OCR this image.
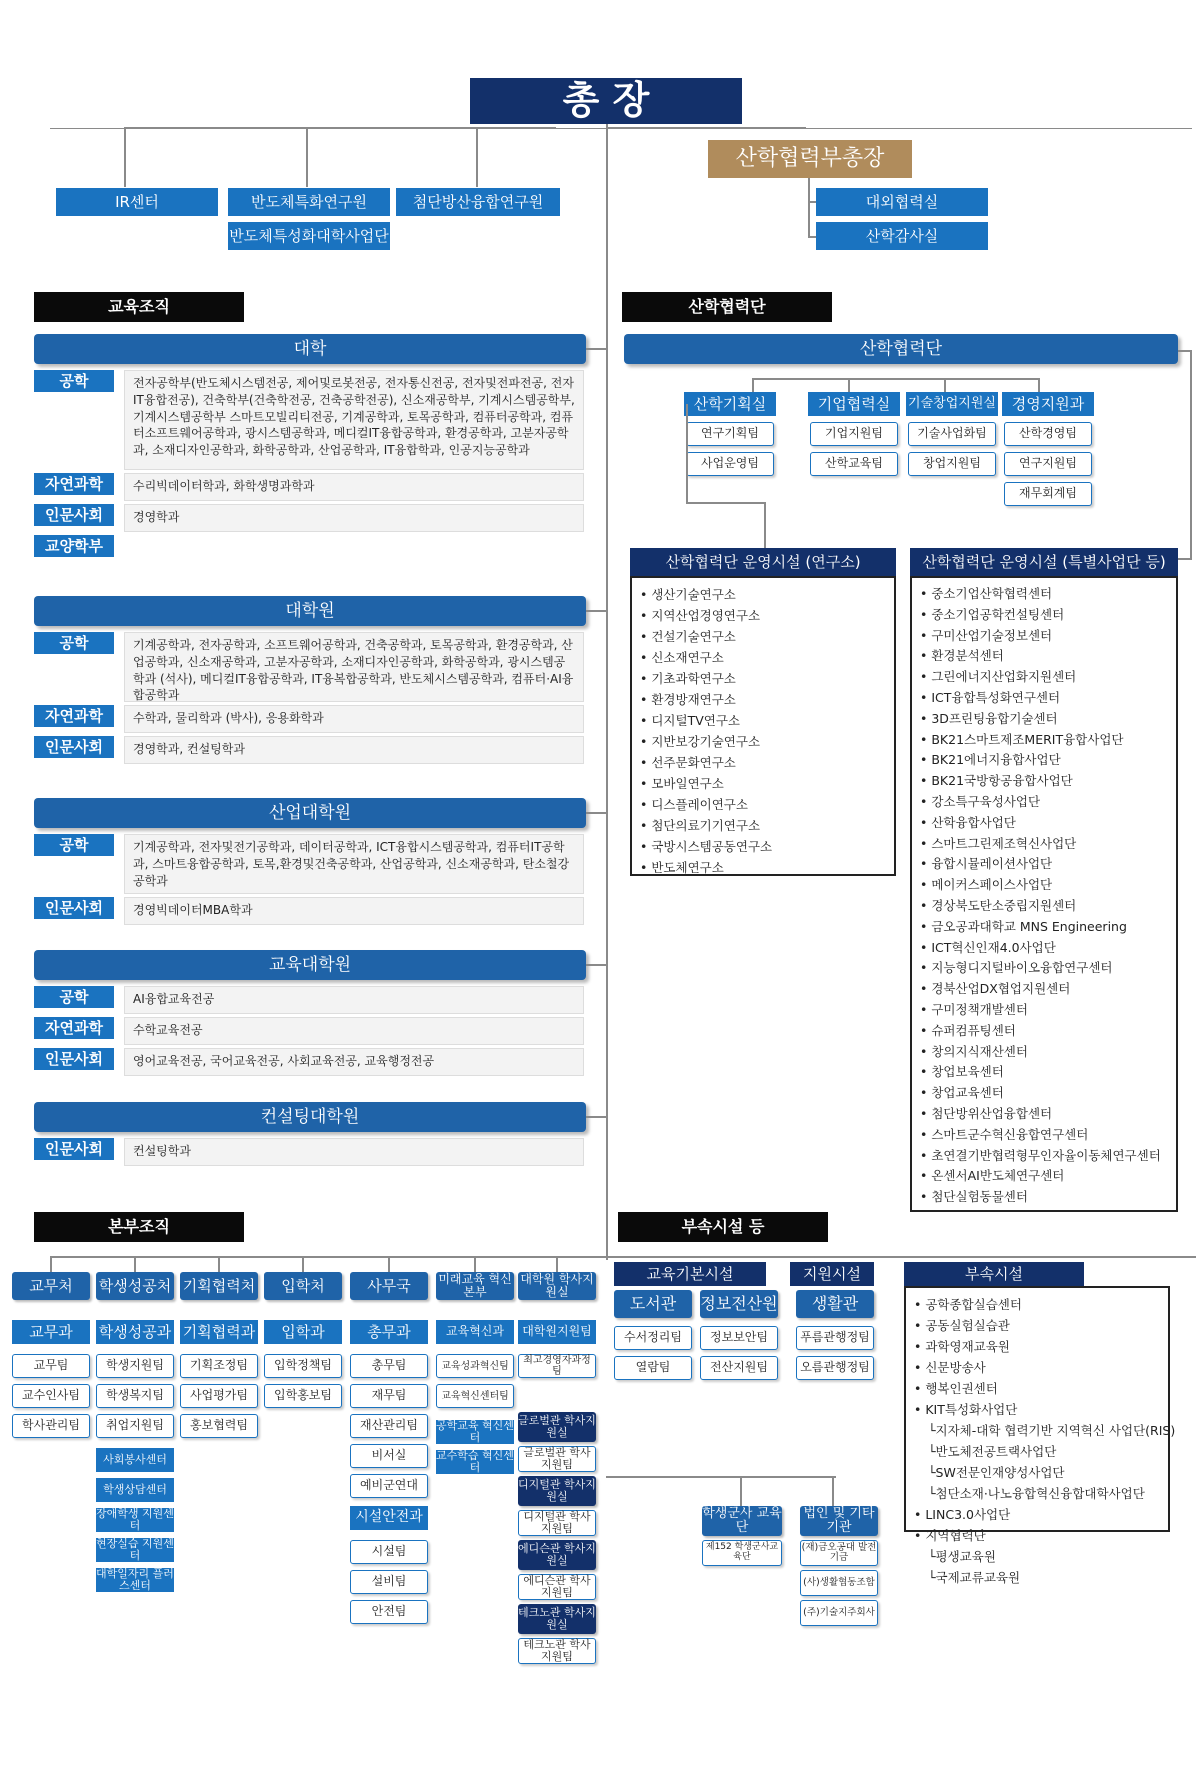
총 장
산학협력부총장
IR센터	반도체특화연구원	첨단방산융합연구원
반도체특성화대학사업단
대외협력실
산학감사실
교육조직	산학협력단
본부조직	부속시설 등
대학
공학	전자공학부(반도체시스템전공, 제어및로봇전공, 전자통신전공, 전자및전파전공, 전자IT융합전공), 건축학부(건축학전공, 건축공학전공), 신소재공학부, 기계시스템공학부, 기계시스템공학부 스마트모빌리티전공, 기계공학과, 토목공학과, 컴퓨터공학과, 컴퓨터소프트웨어공학과, 광시스템공학과, 메디컬IT융합공학과, 환경공학과, 고분자공학과, 소재디자인공학과, 화학공학과, 산업공학과, IT융합학과, 인공지능공학과
자연과학	수리빅데이터학과, 화학생명과학과
인문사회	경영학과
교양학부
대학원
공학	기계공학과, 전자공학과, 소프트웨어공학과, 건축공학과, 토목공학과, 환경공학과, 산업공학과, 신소재공학과, 고분자공학과, 소재디자인공학과, 화학공학과, 광시스템공학과 (석사), 메디컬IT융합공학과, IT융복합공학과, 반도체시스템공학과, 컴퓨터·AI융합공학과
자연과학	수학과, 물리학과 (박사), 응용화학과
인문사회	경영학과, 컨설팅학과
산업대학원
공학	기계공학과, 전자및전기공학과, 데이터공학과, ICT융합시스템공학과, 컴퓨터IT공학과, 스마트융합공학과, 토목,환경및건축공학과, 산업공학과, 신소재공학과, 탄소철강공학과
인문사회	경영빅데이터MBA학과
교육대학원
공학	AI융합교육전공
자연과학	수학교육전공
인문사회	영어교육전공, 국어교육전공, 사회교육전공, 교육행정전공
컨설팅대학원
인문사회	컨설팅학과
산학협력단
산학기획실
연구기획팀
사업운영팀
기업협력실
기업지원팀
산학교육팀
기술창업지원실
기술사업화팀
창업지원팀
경영지원과
산학경영팀
연구지원팀
재무회계팀
산학협력단 운영시설 (연구소)	산학협력단 운영시설 (특별사업단 등)
• 생산기술연구소
• 지역산업경영연구소
• 건설기술연구소
• 신소재연구소
• 기초과학연구소
• 환경방재연구소
• 디지털TV연구소
• 지반보강기술연구소
• 선주문화연구소
• 모바일연구소
• 디스플레이연구소
• 첨단의료기기연구소
• 국방시스템공동연구소
• 반도체연구소
• 중소기업산학협력센터
• 중소기업공학컨설팅센터
• 구미산업기술정보센터
• 환경분석센터
• 그린에너지산업화지원센터
• ICT융합특성화연구센터
• 3D프린팅융합기술센터
• BK21스마트제조MERIT융합사업단
• BK21에너지융합사업단
• BK21국방항공융합사업단
• 강소특구육성사업단
• 산학융합사업단
• 스마트그린제조혁신사업단
• 융합시뮬레이션사업단
• 메이커스페이스사업단
• 경상북도탄소중립지원센터
• 금오공과대학교 MNS Engineering
• ICT혁신인재4.0사업단
• 지능형디지털바이오융합연구센터
• 경북산업DX협업지원센터
• 구미정책개발센터
• 슈퍼컴퓨팅센터
• 창의지식재산센터
• 창업보육센터
• 창업교육센터
• 첨단방위산업융합센터
• 스마트군수혁신융합연구센터
• 초연결기반협력형무인자율이동체연구센터
• 온센서AI반도체연구센터
• 첨단실험동물센터
교무처
교무과
교무팀
교수인사팀
학사관리팀
학생성공처
학생성공과
학생지원팀
학생복지팀
취업지원팀
사회봉사센터
학생상담센터
장애학생 지원센터
현장실습 지원센터
대학일자리 플러스센터
기획협력처
기획협력과
기획조정팀
사업평가팀
홍보협력팀
입학처
입학과
입학정책팀
입학홍보팀
사무국
총무과
총무팀
재무팀
재산관리팀
비서실
예비군연대
미래교육 혁신본부
교육혁신과
교육성과혁신팀
교육혁신센터팀
공학교육 혁신센터
교수학습 혁신센터
대학원 학사지원실
대학원지원팀
최고경영자과정팀
시설안전과
시설팀
설비팀
안전팀
글로벌관 학사지원실
글로벌관 학사지원팀
디지털관 학사지원실
디지털관 학사지원팀
에디슨관 학사지원실
에디슨관 학사지원팀
테크노관 학사지원실
테크노관 학사지원팀
교육기본시설	지원시설	부속시설
도서관
수서정리팀
열람팀
정보전산원
정보보안팀
전산지원팀
생활관
푸름관행정팀
오름관행정팀
학생군사 교육단
제152 학생군사교육단
법인 및 기타기관
(재)금오공대 발전기금
(사)생활협동조합
(주)기술지주회사
• 공학종합실습센터
• 공동실험실습관
• 과학영재교육원
• 신문방송사
• 행복인권센터
• KIT특성화사업단
└지자체-대학 협력기반 지역혁신 사업단(RIS)
└반도체전공트랙사업단
└SW전문인재양성사업단
└첨단소재·나노융합혁신융합대학사업단
• LINC3.0사업단
• 지역협력단
└평생교육원
└국제교류교육원
